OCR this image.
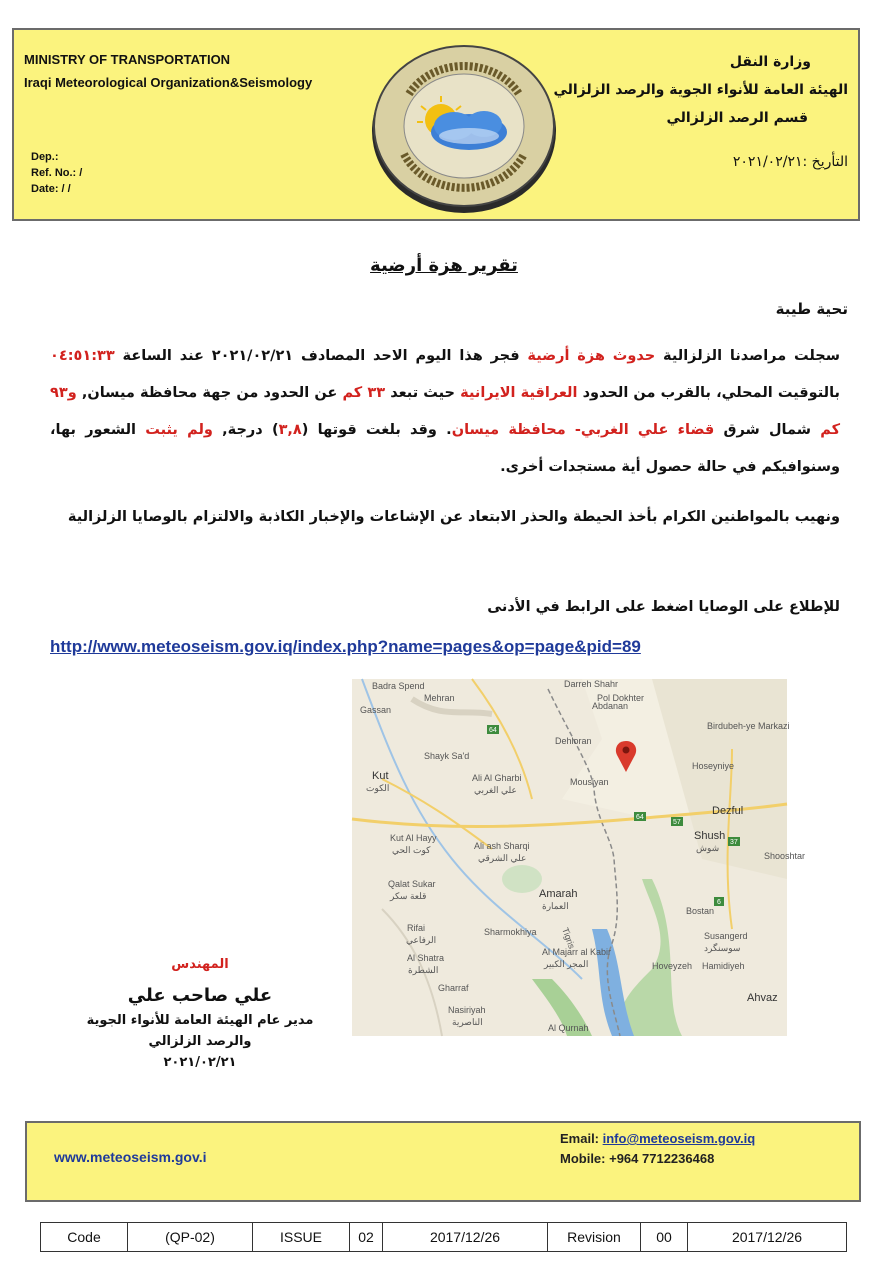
MINISTRY OF TRANSPORTATION
Iraqi Meteorological Organization&Seismology
Dep.:
Ref. No.: /
Date: / /
وزارة النقل
الهيئة العامة للأنواء الجوية والرصد الزلزالي
قسم الرصد الزلزالي
التأريخ :٢٠٢١/٠٢/٢١
تقرير هزة أرضية
تحية طيبة
سجلت مراصدنا الزلزالية حدوث هزة أرضية فجر هذا اليوم الاحد المصادف ٢٠٢١/٠٢/٢١ عند الساعة ٠٤:٥١:٣٣ بالتوقيت المحلي، بالقرب من الحدود العراقية الايرانية حيث تبعد ٣٣ كم عن الحدود من جهة محافظة ميسان, و٩٣ كم شمال شرق قضاء علي الغربي- محافظة ميسان. وقد بلغت قوتها (٣,٨) درجة, ولم يثبت الشعور بها، وسنوافيكم في حالة حصول أية مستجدات أخرى.
ونهيب بالمواطنين الكرام بأخذ الحيطة والحذر الابتعاد عن الإشاعات والإخبار الكاذبة والالتزام بالوصايا الزلزالية
للإطلاع على الوصايا اضغط على الرابط في الأدنى
http://www.meteoseism.gov.iq/index.php?name=pages&op=page&pid=89
Badra Spend
Mehran
Gassan
Dehloran
Mousiyan
Abdanan
Pol Dokhter
Darreh Shahr
Birdubeh-ye Markazi
Hoseyniye
Dezful
Kut
الكوت
Shayk Sa'd
Ali Al Gharbi
علي الغربي
Kut Al Hayy
كوت الحي	Ali ash Sharqi
علي الشرقي
Amarah
العمارة
Qalat Sukar
قلعة سكر
Shush
شوش
Shooshtar
Bostan
Susangerd
سوسنگرد
Hoveyzeh Hamidiyeh
Ahvaz
Rifai
الرفاعي
Al Shatra
الشطرة
Gharraf
Nasiriyah
الناصرية
Sharmokhiya
Al Majarr al Kabir
المجر الكبير
Al Qurnah
Tigris
64
64
57
37
6
المهندس
علي صاحب علي
مدير عام الهيئة العامة للأنواء الجوية
والرصد الزلزالي
٢٠٢١/٠٢/٢١
www.meteoseism.gov.i
Email: info@meteoseism.gov.iq
Mobile: +964 7712236468
Code	(QP-02)	ISSUE	02	2017/12/26	Revision	00	2017/12/26
